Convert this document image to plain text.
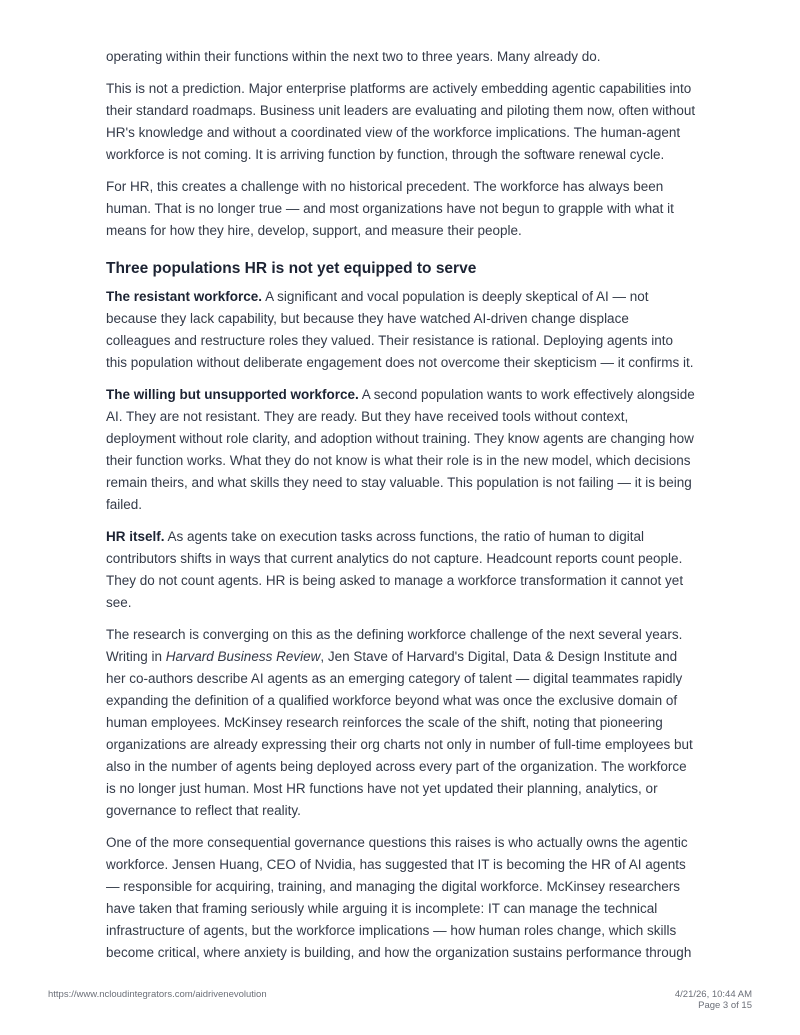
operating within their functions within the next two to three years. Many already do.

This is not a prediction. Major enterprise platforms are actively embedding agentic capabilities into their standard roadmaps. Business unit leaders are evaluating and piloting them now, often without HR's knowledge and without a coordinated view of the workforce implications. The human-agent workforce is not coming. It is arriving function by function, through the software renewal cycle.

For HR, this creates a challenge with no historical precedent. The workforce has always been human. That is no longer true — and most organizations have not begun to grapple with what it means for how they hire, develop, support, and measure their people.

Three populations HR is not yet equipped to serve

The resistant workforce. A significant and vocal population is deeply skeptical of AI — not because they lack capability, but because they have watched AI-driven change displace colleagues and restructure roles they valued. Their resistance is rational. Deploying agents into this population without deliberate engagement does not overcome their skepticism — it confirms it.

The willing but unsupported workforce. A second population wants to work effectively alongside AI. They are not resistant. They are ready. But they have received tools without context, deployment without role clarity, and adoption without training. They know agents are changing how their function works. What they do not know is what their role is in the new model, which decisions remain theirs, and what skills they need to stay valuable. This population is not failing — it is being failed.

HR itself. As agents take on execution tasks across functions, the ratio of human to digital contributors shifts in ways that current analytics do not capture. Headcount reports count people. They do not count agents. HR is being asked to manage a workforce transformation it cannot yet see.

The research is converging on this as the defining workforce challenge of the next several years. Writing in Harvard Business Review, Jen Stave of Harvard's Digital, Data & Design Institute and her co-authors describe AI agents as an emerging category of talent — digital teammates rapidly expanding the definition of a qualified workforce beyond what was once the exclusive domain of human employees. McKinsey research reinforces the scale of the shift, noting that pioneering organizations are already expressing their org charts not only in number of full-time employees but also in the number of agents being deployed across every part of the organization. The workforce is no longer just human. Most HR functions have not yet updated their planning, analytics, or governance to reflect that reality.

One of the more consequential governance questions this raises is who actually owns the agentic workforce. Jensen Huang, CEO of Nvidia, has suggested that IT is becoming the HR of AI agents — responsible for acquiring, training, and managing the digital workforce. McKinsey researchers have taken that framing seriously while arguing it is incomplete: IT can manage the technical infrastructure of agents, but the workforce implications — how human roles change, which skills become critical, where anxiety is building, and how the organization sustains performance through

https://www.ncloudintegrators.com/aidrivenevolution	4/21/26, 10:44 AM
Page 3 of 15
